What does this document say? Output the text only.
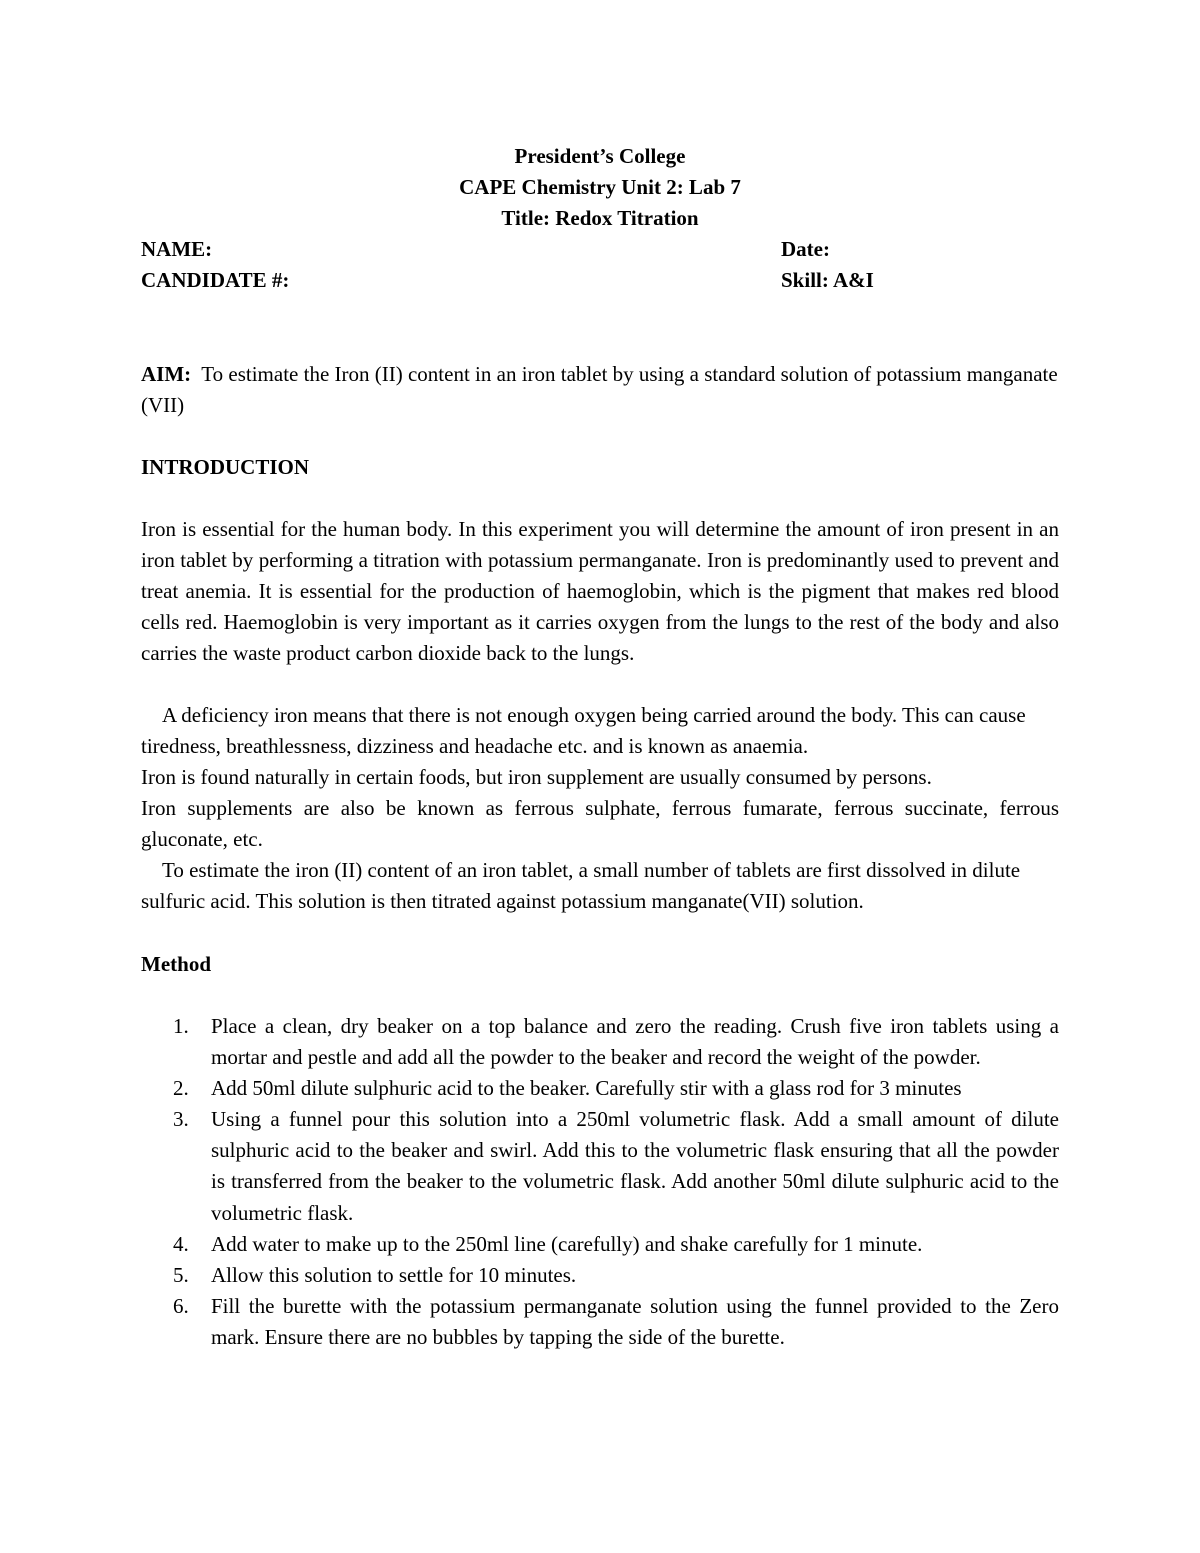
President’s College
CAPE Chemistry Unit 2: Lab 7
Title: Redox Titration
NAME:	Date:
CANDIDATE #:	Skill: A&I
AIM: To estimate the Iron (II) content in an iron tablet by using a standard solution of potassium manganate (VII)
INTRODUCTION

Iron is essential for the human body. In this experiment you will determine the amount of iron present in an iron tablet by performing a titration with potassium permanganate. Iron is predominantly used to prevent and treat anemia. It is essential for the production of haemoglobin, which is the pigment that makes red blood cells red. Haemoglobin is very important as it carries oxygen from the lungs to the rest of the body and also carries the waste product carbon dioxide back to the lungs.

A deficiency iron means that there is not enough oxygen being carried around the body. This can cause tiredness, breathlessness, dizziness and headache etc. and is known as anaemia.

Iron is found naturally in certain foods, but iron supplement are usually consumed by persons.

Iron supplements are also be known as ferrous sulphate, ferrous fumarate, ferrous succinate, ferrous gluconate, etc.

To estimate the iron (II) content of an iron tablet, a small number of tablets are first dissolved in dilute sulfuric acid. This solution is then titrated against potassium manganate(VII) solution.

Method
1. Place a clean, dry beaker on a top balance and zero the reading. Crush five iron tablets using a mortar and pestle and add all the powder to the beaker and record the weight of the powder.
2. Add 50ml dilute sulphuric acid to the beaker. Carefully stir with a glass rod for 3 minutes
3. Using a funnel pour this solution into a 250ml volumetric flask. Add a small amount of dilute sulphuric acid to the beaker and swirl. Add this to the volumetric flask ensuring that all the powder is transferred from the beaker to the volumetric flask. Add another 50ml dilute sulphuric acid to the volumetric flask.
4. Add water to make up to the 250ml line (carefully) and shake carefully for 1 minute.
5. Allow this solution to settle for 10 minutes.
6. Fill the burette with the potassium permanganate solution using the funnel provided to the Zero mark. Ensure there are no bubbles by tapping the side of the burette.
